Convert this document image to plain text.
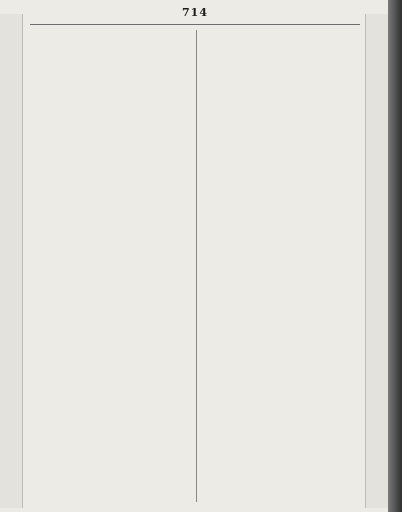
714
